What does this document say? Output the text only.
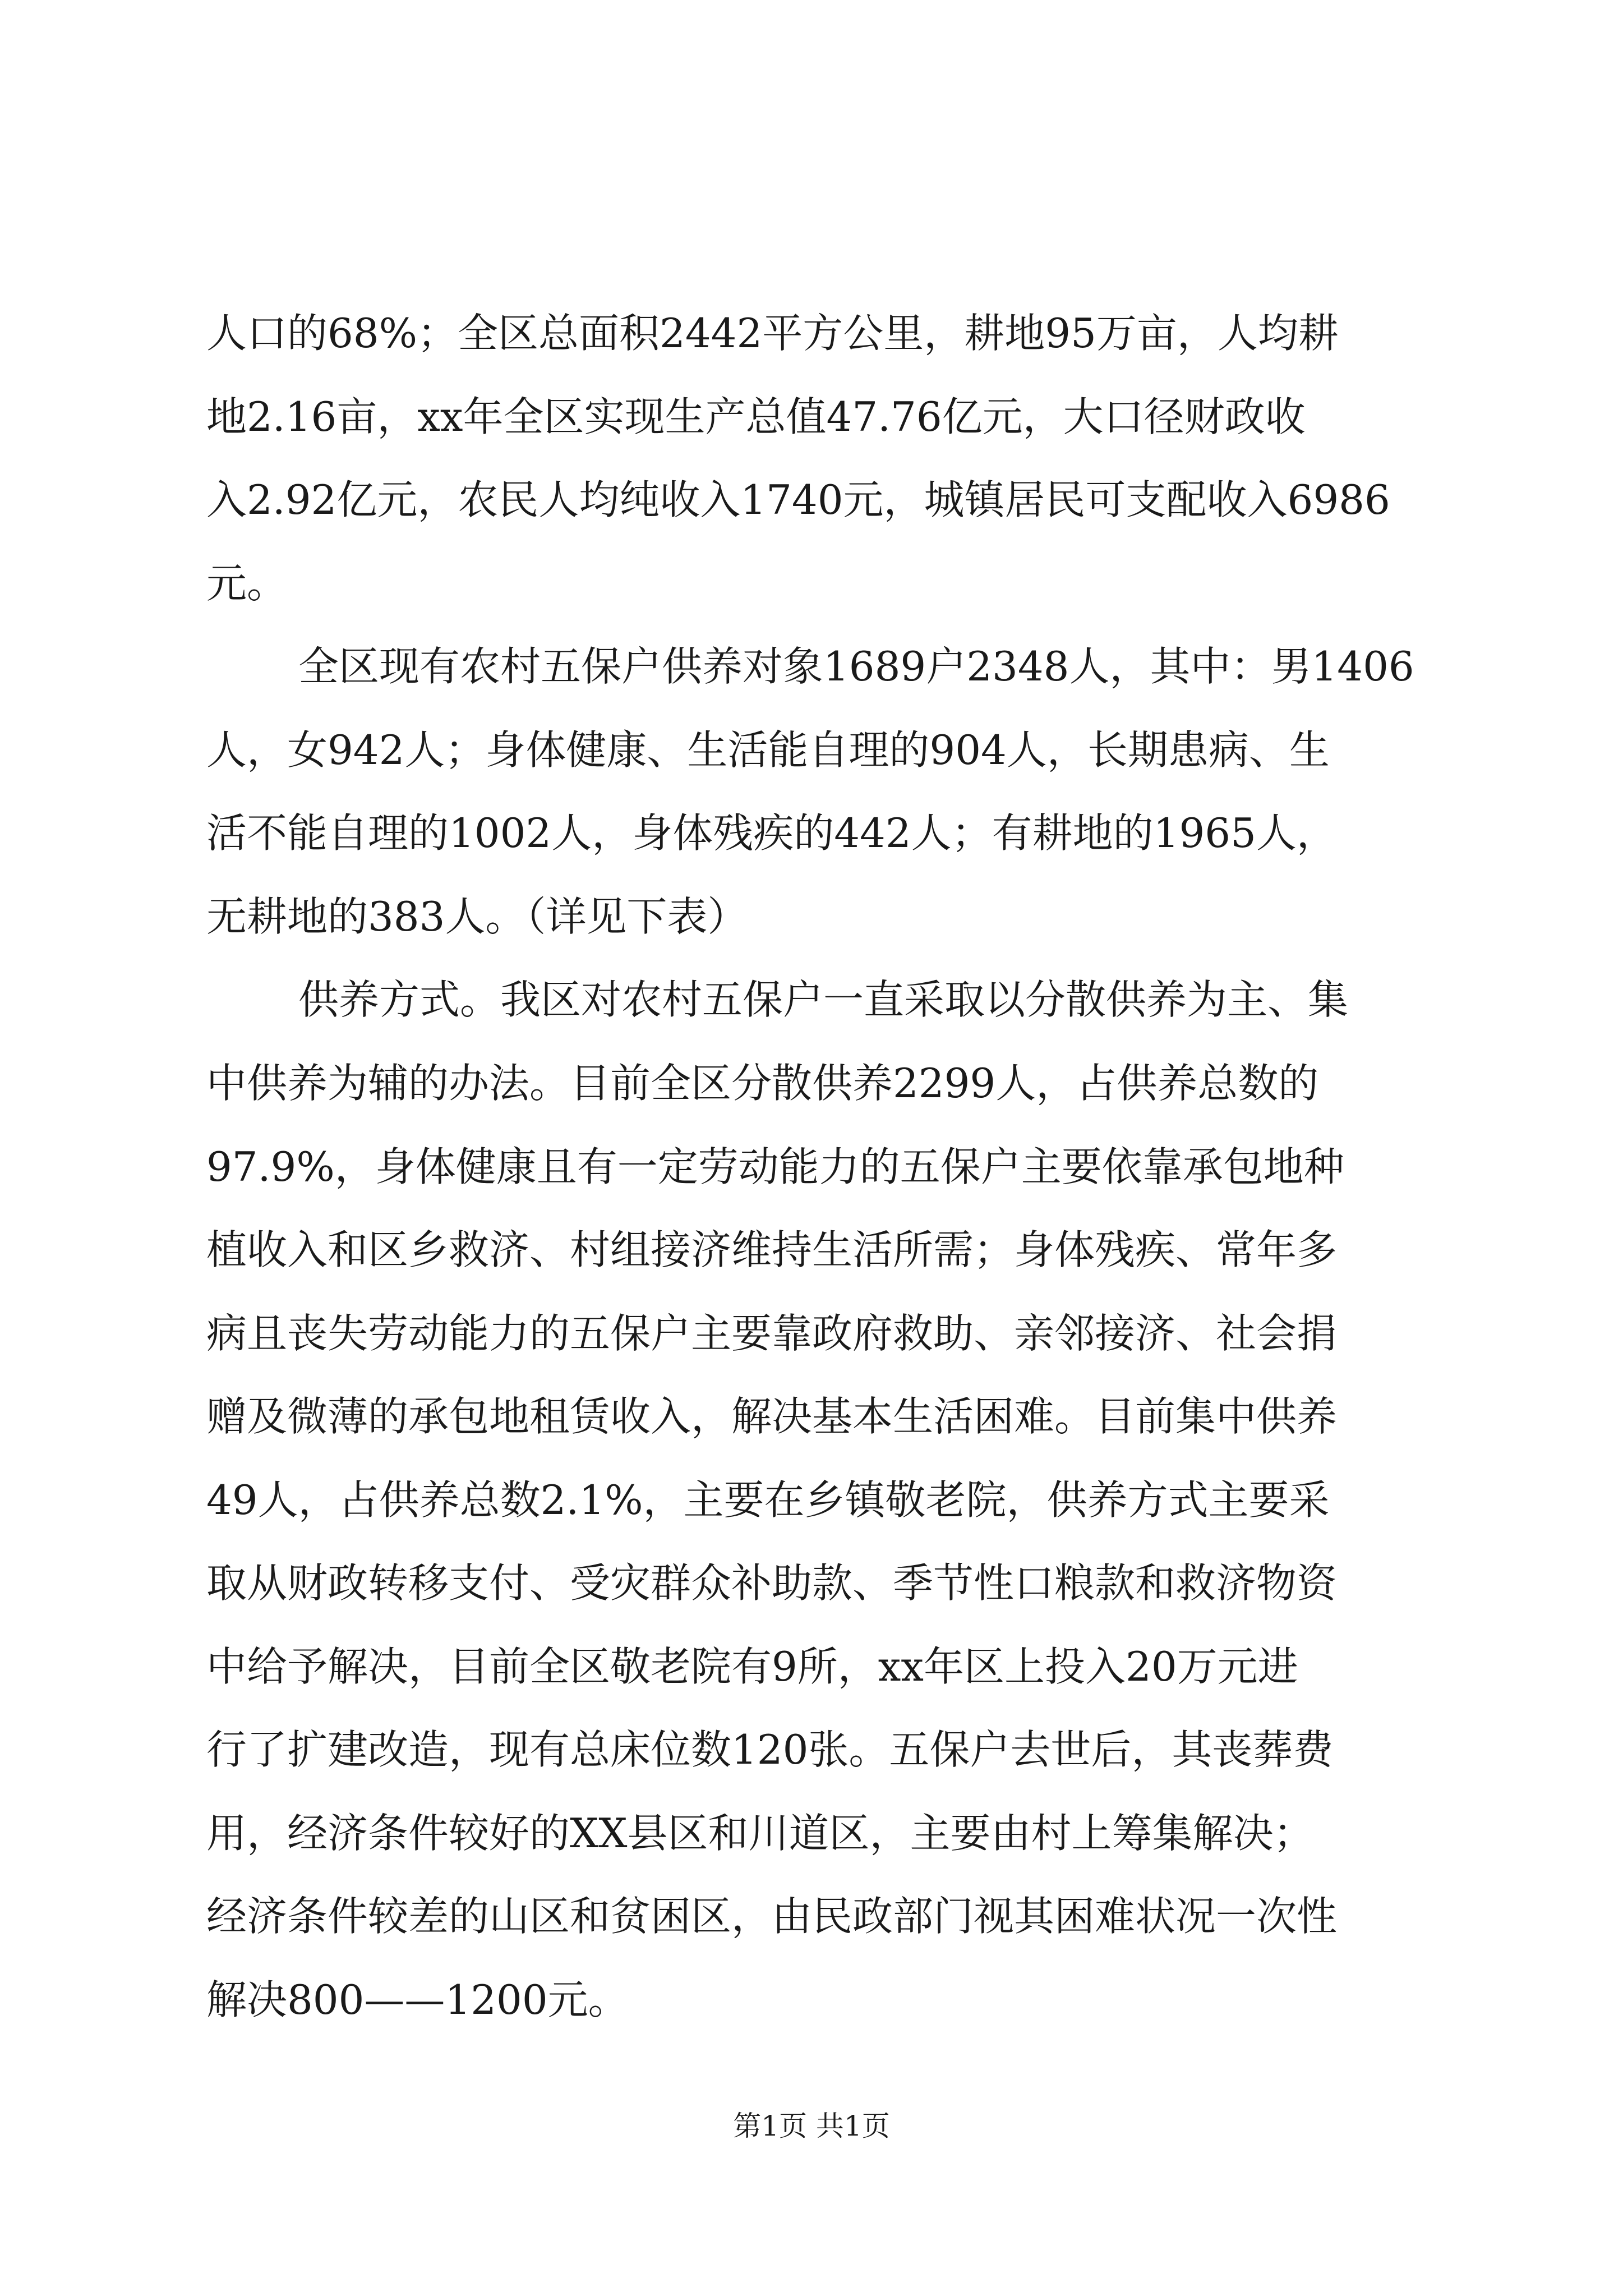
人口的68%；全区总面积2442平方公里，耕地95万亩，人均耕
地2.16亩，xx年全区实现生产总值47.76亿元，大口径财政收
入2.92亿元，农民人均纯收入1740元，城镇居民可支配收入6986
元。
全区现有农村五保户供养对象1689户2348人，其中：男1406
人，女942人；身体健康、生活能自理的904人，长期患病、生
活不能自理的1002人，身体残疾的442人；有耕地的1965人，
无耕地的383人。（详见下表）
供养方式。我区对农村五保户一直采取以分散供养为主、集
中供养为辅的办法。目前全区分散供养2299人，占供养总数的
97.9%，身体健康且有一定劳动能力的五保户主要依靠承包地种
植收入和区乡救济、村组接济维持生活所需；身体残疾、常年多
病且丧失劳动能力的五保户主要靠政府救助、亲邻接济、社会捐
赠及微薄的承包地租赁收入，解决基本生活困难。目前集中供养
49人，占供养总数2.1%，主要在乡镇敬老院，供养方式主要采
取从财政转移支付、受灾群众补助款、季节性口粮款和救济物资
中给予解决，目前全区敬老院有9所，xx年区上投入20万元进
行了扩建改造，现有总床位数120张。五保户去世后，其丧葬费
用，经济条件较好的XX县区和川道区，主要由村上筹集解决；
经济条件较差的山区和贫困区，由民政部门视其困难状况一次性
解决800——1200元。
第1页 共1页
